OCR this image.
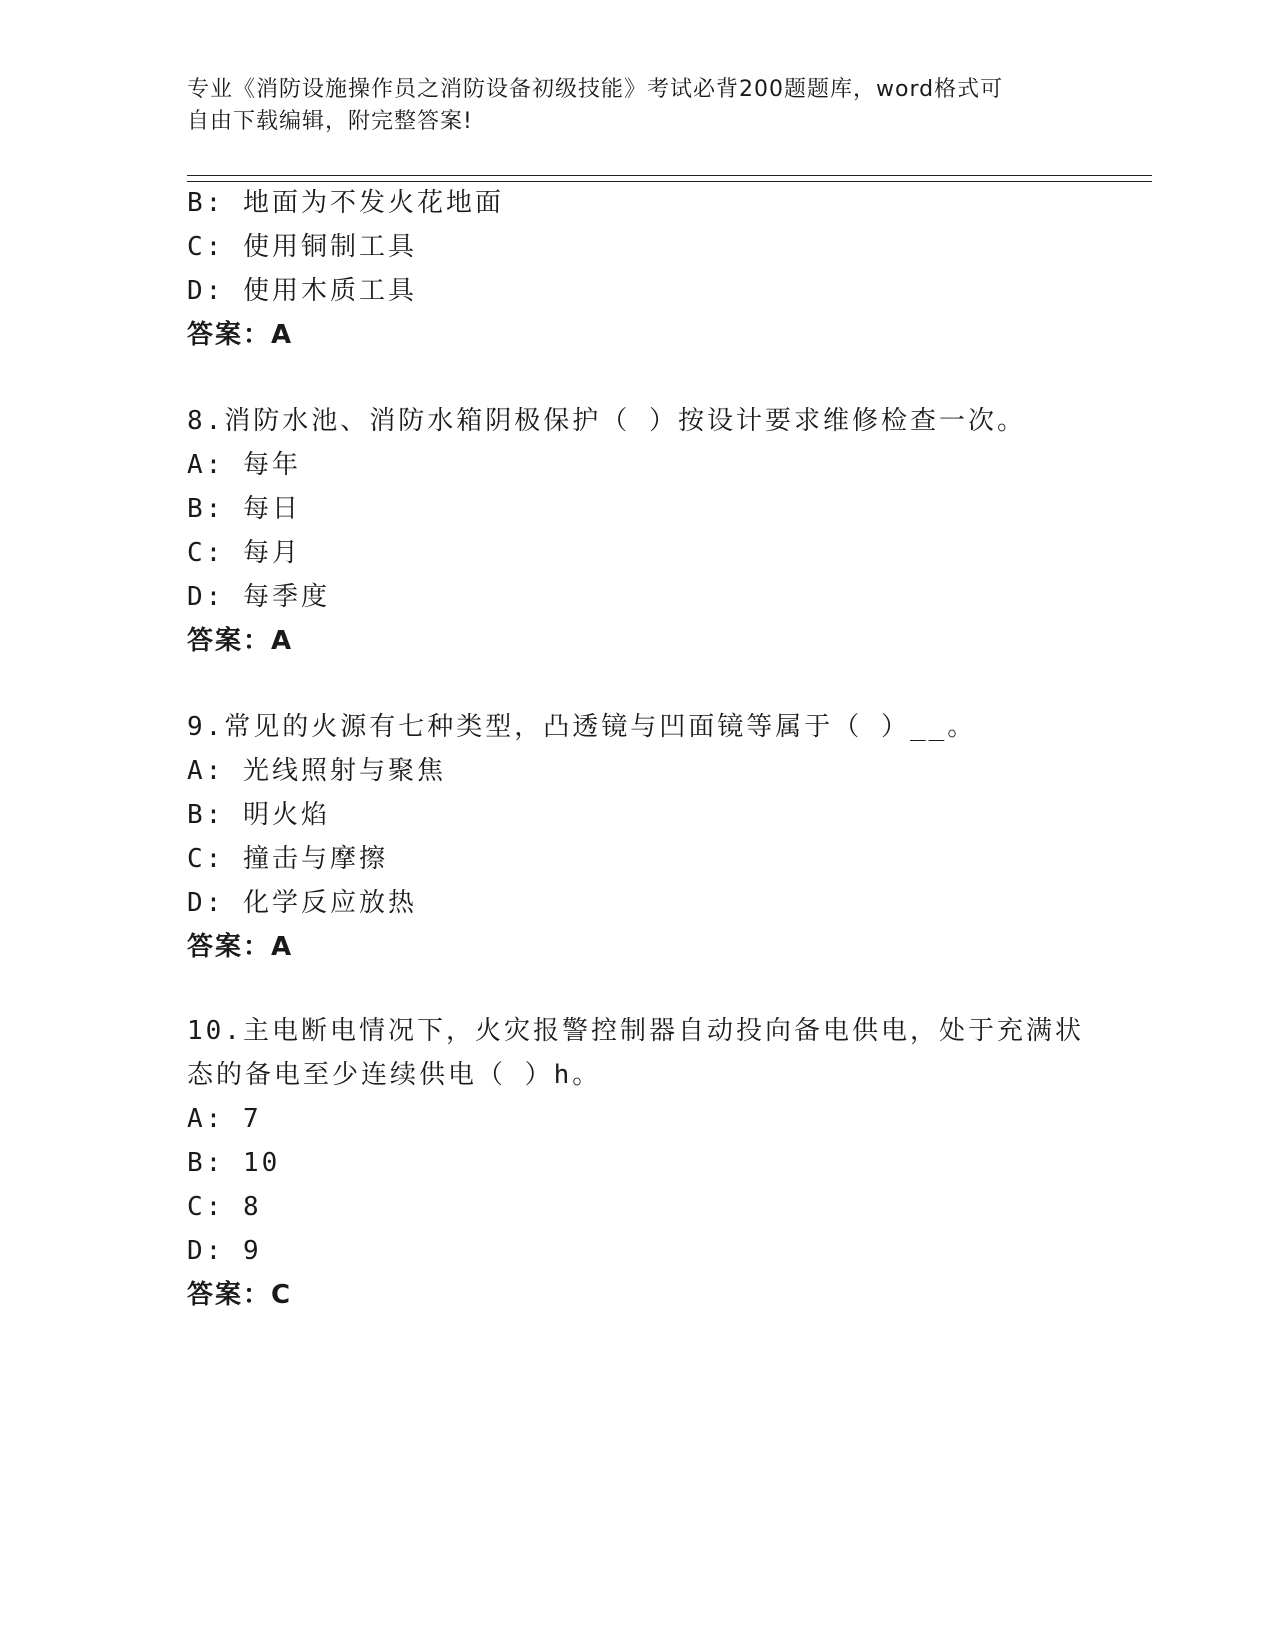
专业《消防设施操作员之消防设备初级技能》考试必背200题题库，word格式可
自由下载编辑，附完整答案!
B: 地面为不发火花地面
C: 使用铜制工具
D: 使用木质工具
答案：A
8.消防水池、消防水箱阴极保护（ ）按设计要求维修检查一次。
A: 每年
B: 每日
C: 每月
D: 每季度
答案：A
9.常见的火源有七种类型，凸透镜与凹面镜等属于（ ）__。
A: 光线照射与聚焦
B: 明火焰
C: 撞击与摩擦
D: 化学反应放热
答案：A
10.主电断电情况下，火灾报警控制器自动投向备电供电，处于充满状
态的备电至少连续供电（ ）h。
A: 7
B: 10
C: 8
D: 9
答案：C
